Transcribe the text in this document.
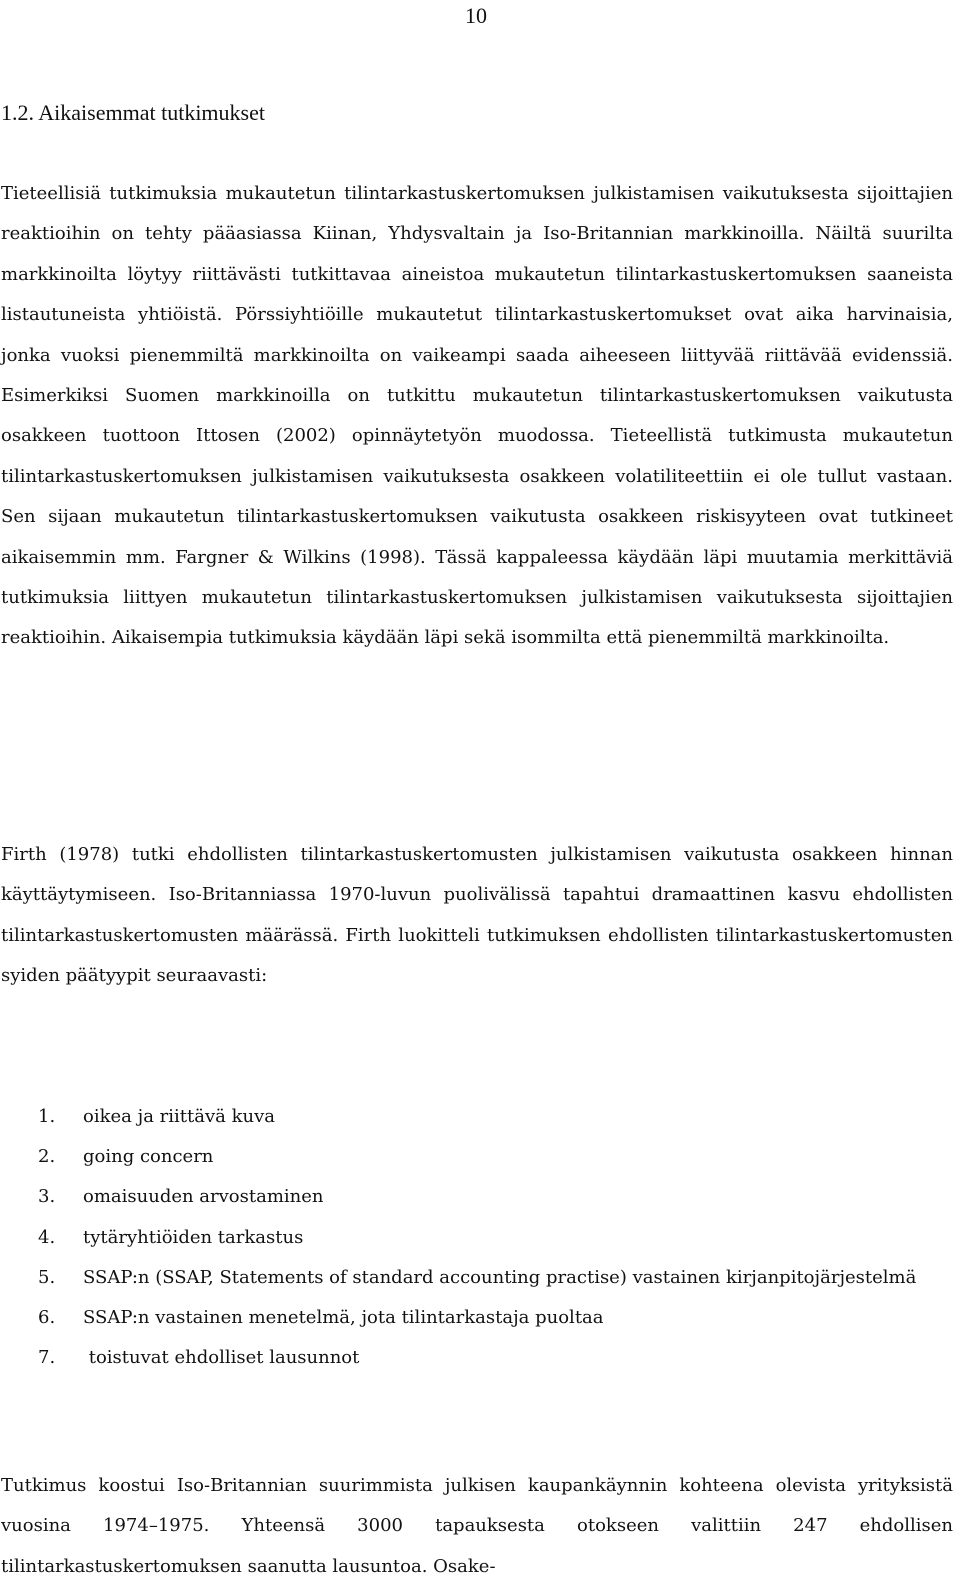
10
1.2. Aikaisemmat tutkimukset

Tieteellisiä tutkimuksia mukautetun tilintarkastuskertomuksen julkistamisen vaikutuksesta sijoittajien reaktioihin on tehty pääasiassa Kiinan, Yhdysvaltain ja Iso-Britannian markkinoilla. Näiltä suurilta markkinoilta löytyy riittävästi tutkittavaa aineistoa mukautetun tilintarkastuskertomuksen saaneista listautuneista yhtiöistä. Pörssiyhtiöille mukautetut tilintarkastuskertomukset ovat aika harvinaisia, jonka vuoksi pienemmiltä markkinoilta on vaikeampi saada aiheeseen liittyvää riittävää evidenssiä. Esimerkiksi Suomen markkinoilla on tutkittu mukautetun tilintarkastuskertomuksen vaikutusta osakkeen tuottoon Ittosen (2002) opinnäytetyön muodossa. Tieteellistä tutkimusta mukautetun tilintarkastuskertomuksen julkistamisen vaikutuksesta osakkeen volatiliteettiin ei ole tullut vastaan. Sen sijaan mukautetun tilintarkastuskertomuksen vaikutusta osakkeen riskisyyteen ovat tutkineet aikaisemmin mm. Fargner & Wilkins (1998). Tässä kappaleessa käydään läpi muutamia merkittäviä tutkimuksia liittyen mukautetun tilintarkastuskertomuksen julkistamisen vaikutuksesta sijoittajien reaktioihin. Aikaisempia tutkimuksia käydään läpi sekä isommilta että pienemmiltä markkinoilta.

Firth (1978) tutki ehdollisten tilintarkastuskertomusten julkistamisen vaikutusta osakkeen hinnan käyttäytymiseen. Iso-Britanniassa 1970-luvun puolivälissä tapahtui dramaattinen kasvu ehdollisten tilintarkastuskertomusten määrässä. Firth luokitteli tutkimuksen ehdollisten tilintarkastuskertomusten syiden päätyypit seuraavasti:

1. oikea ja riittävä kuva
2. going concern
3. omaisuuden arvostaminen
4. tytäryhtiöiden tarkastus
5. SSAP:n (SSAP, Statements of standard accounting practise) vastainen kirjanpitojärjestelmä
6. SSAP:n vastainen menetelmä, jota tilintarkastaja puoltaa
7. toistuvat ehdolliset lausunnot

Tutkimus koostui Iso-Britannian suurimmista julkisen kaupankäynnin kohteena olevista yrityksistä vuosina 1974–1975. Yhteensä 3000 tapauksesta otokseen valittiin 247 ehdollisen tilintarkastuskertomuksen saanutta lausuntoa. Osake-
